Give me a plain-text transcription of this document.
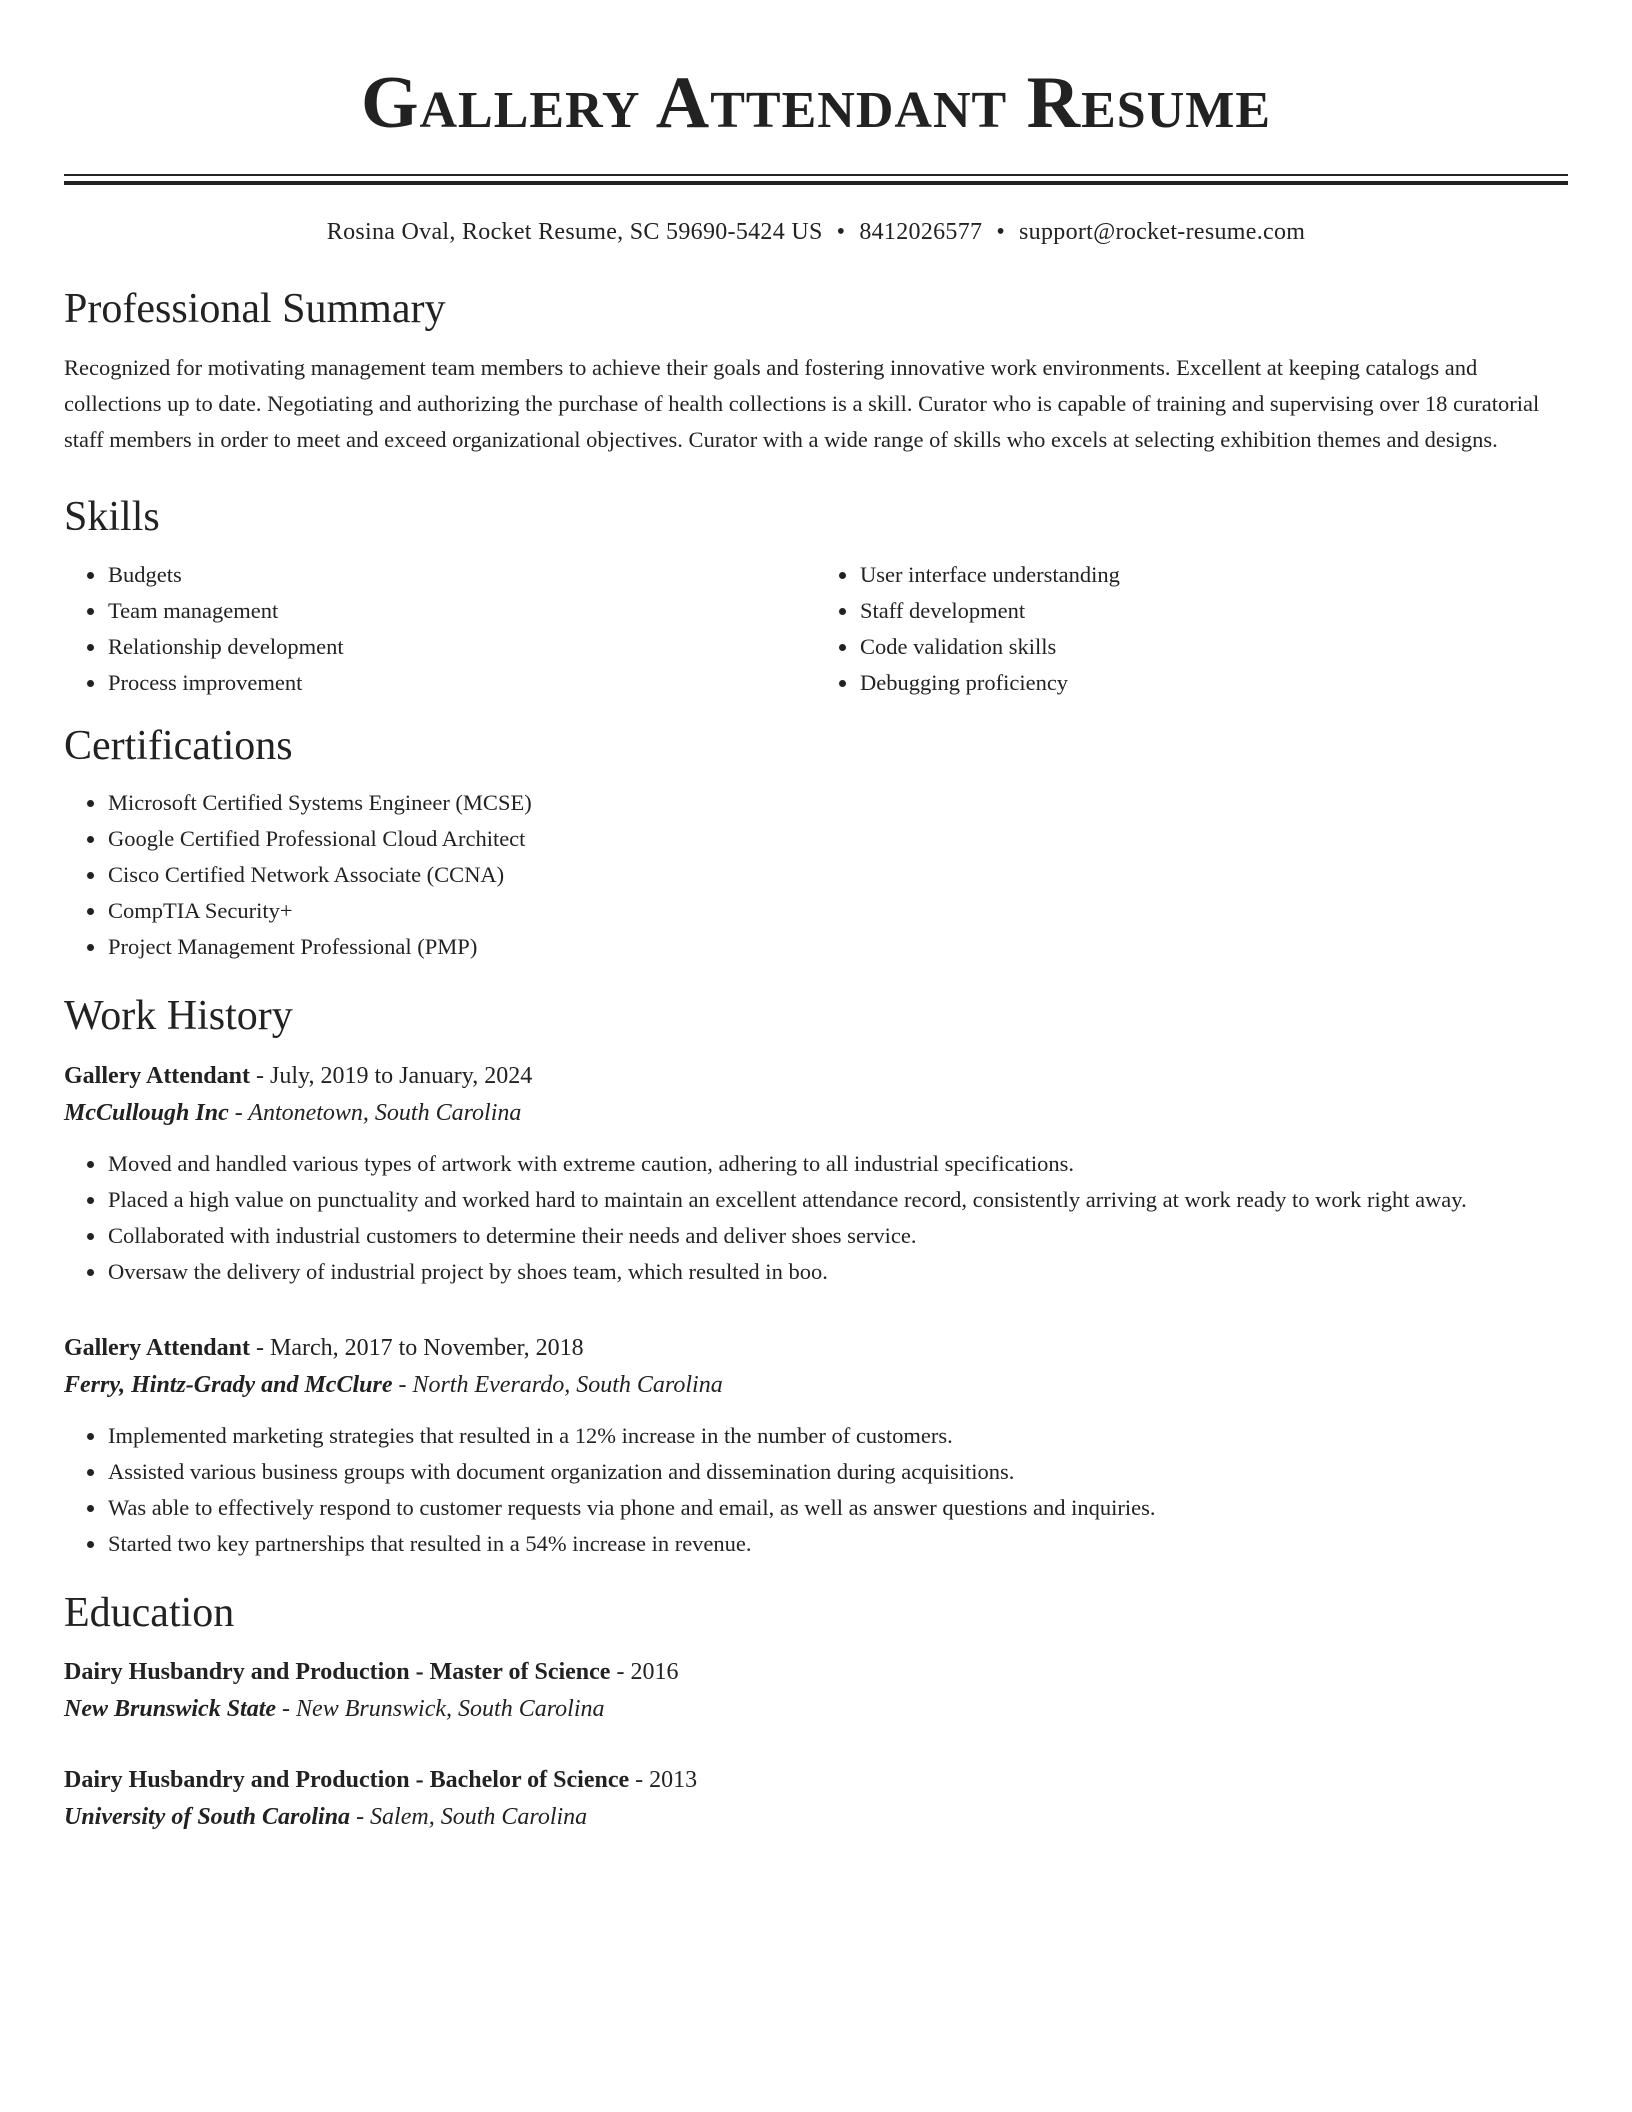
Gallery Attendant Resume
Rosina Oval, Rocket Resume, SC 59690-5424 US • 8412026577 • support@rocket-resume.com
Professional Summary
Recognized for motivating management team members to achieve their goals and fostering innovative work environments. Excellent at keeping catalogs and collections up to date. Negotiating and authorizing the purchase of health collections is a skill. Curator who is capable of training and supervising over 18 curatorial staff members in order to meet and exceed organizational objectives. Curator with a wide range of skills who excels at selecting exhibition themes and designs.
Skills
• Budgets
• Team management
• Relationship development
• Process improvement
• User interface understanding
• Staff development
• Code validation skills
• Debugging proficiency
Certifications
• Microsoft Certified Systems Engineer (MCSE)
• Google Certified Professional Cloud Architect
• Cisco Certified Network Associate (CCNA)
• CompTIA Security+
• Project Management Professional (PMP)
Work History
Gallery Attendant - July, 2019 to January, 2024
McCullough Inc - Antonetown, South Carolina
• Moved and handled various types of artwork with extreme caution, adhering to all industrial specifications.
• Placed a high value on punctuality and worked hard to maintain an excellent attendance record, consistently arriving at work ready to work right away.
• Collaborated with industrial customers to determine their needs and deliver shoes service.
• Oversaw the delivery of industrial project by shoes team, which resulted in boo.
Gallery Attendant - March, 2017 to November, 2018
Ferry, Hintz-Grady and McClure - North Everardo, South Carolina
• Implemented marketing strategies that resulted in a 12% increase in the number of customers.
• Assisted various business groups with document organization and dissemination during acquisitions.
• Was able to effectively respond to customer requests via phone and email, as well as answer questions and inquiries.
• Started two key partnerships that resulted in a 54% increase in revenue.
Education
Dairy Husbandry and Production - Master of Science - 2016
New Brunswick State - New Brunswick, South Carolina
Dairy Husbandry and Production - Bachelor of Science - 2013
University of South Carolina - Salem, South Carolina
